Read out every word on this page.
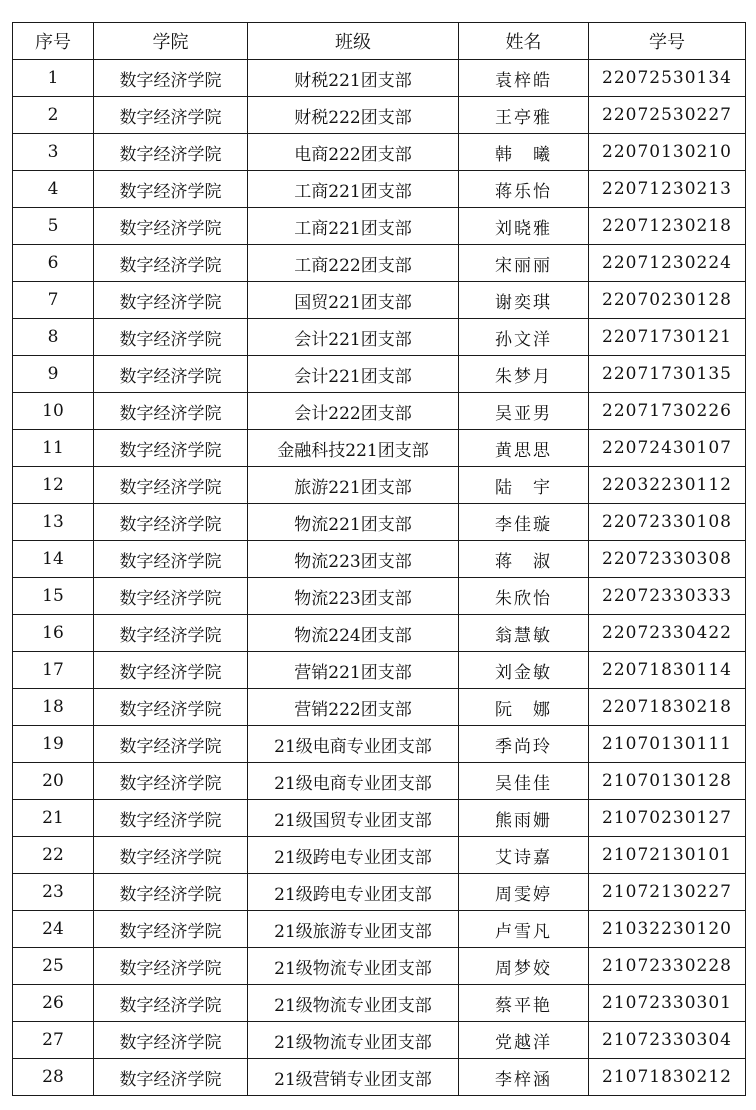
序号	学院	班级	姓名	学号
1	数字经济学院	财税221团支部	袁梓皓	22072530134
2	数字经济学院	财税222团支部	王亭雅	22072530227
3	数字经济学院	电商222团支部	韩　曦	22070130210
4	数字经济学院	工商221团支部	蒋乐怡	22071230213
5	数字经济学院	工商221团支部	刘晓雅	22071230218
6	数字经济学院	工商222团支部	宋丽丽	22071230224
7	数字经济学院	国贸221团支部	谢奕琪	22070230128
8	数字经济学院	会计221团支部	孙文洋	22071730121
9	数字经济学院	会计221团支部	朱梦月	22071730135
10	数字经济学院	会计222团支部	吴亚男	22071730226
11	数字经济学院	金融科技221团支部	黄思思	22072430107
12	数字经济学院	旅游221团支部	陆　宇	22032230112
13	数字经济学院	物流221团支部	李佳璇	22072330108
14	数字经济学院	物流223团支部	蒋　淑	22072330308
15	数字经济学院	物流223团支部	朱欣怡	22072330333
16	数字经济学院	物流224团支部	翁慧敏	22072330422
17	数字经济学院	营销221团支部	刘金敏	22071830114
18	数字经济学院	营销222团支部	阮　娜	22071830218
19	数字经济学院	21级电商专业团支部	季尚玲	21070130111
20	数字经济学院	21级电商专业团支部	吴佳佳	21070130128
21	数字经济学院	21级国贸专业团支部	熊雨姗	21070230127
22	数字经济学院	21级跨电专业团支部	艾诗嘉	21072130101
23	数字经济学院	21级跨电专业团支部	周雯婷	21072130227
24	数字经济学院	21级旅游专业团支部	卢雪凡	21032230120
25	数字经济学院	21级物流专业团支部	周梦姣	21072330228
26	数字经济学院	21级物流专业团支部	蔡平艳	21072330301
27	数字经济学院	21级物流专业团支部	党越洋	21072330304
28	数字经济学院	21级营销专业团支部	李梓涵	21071830212
